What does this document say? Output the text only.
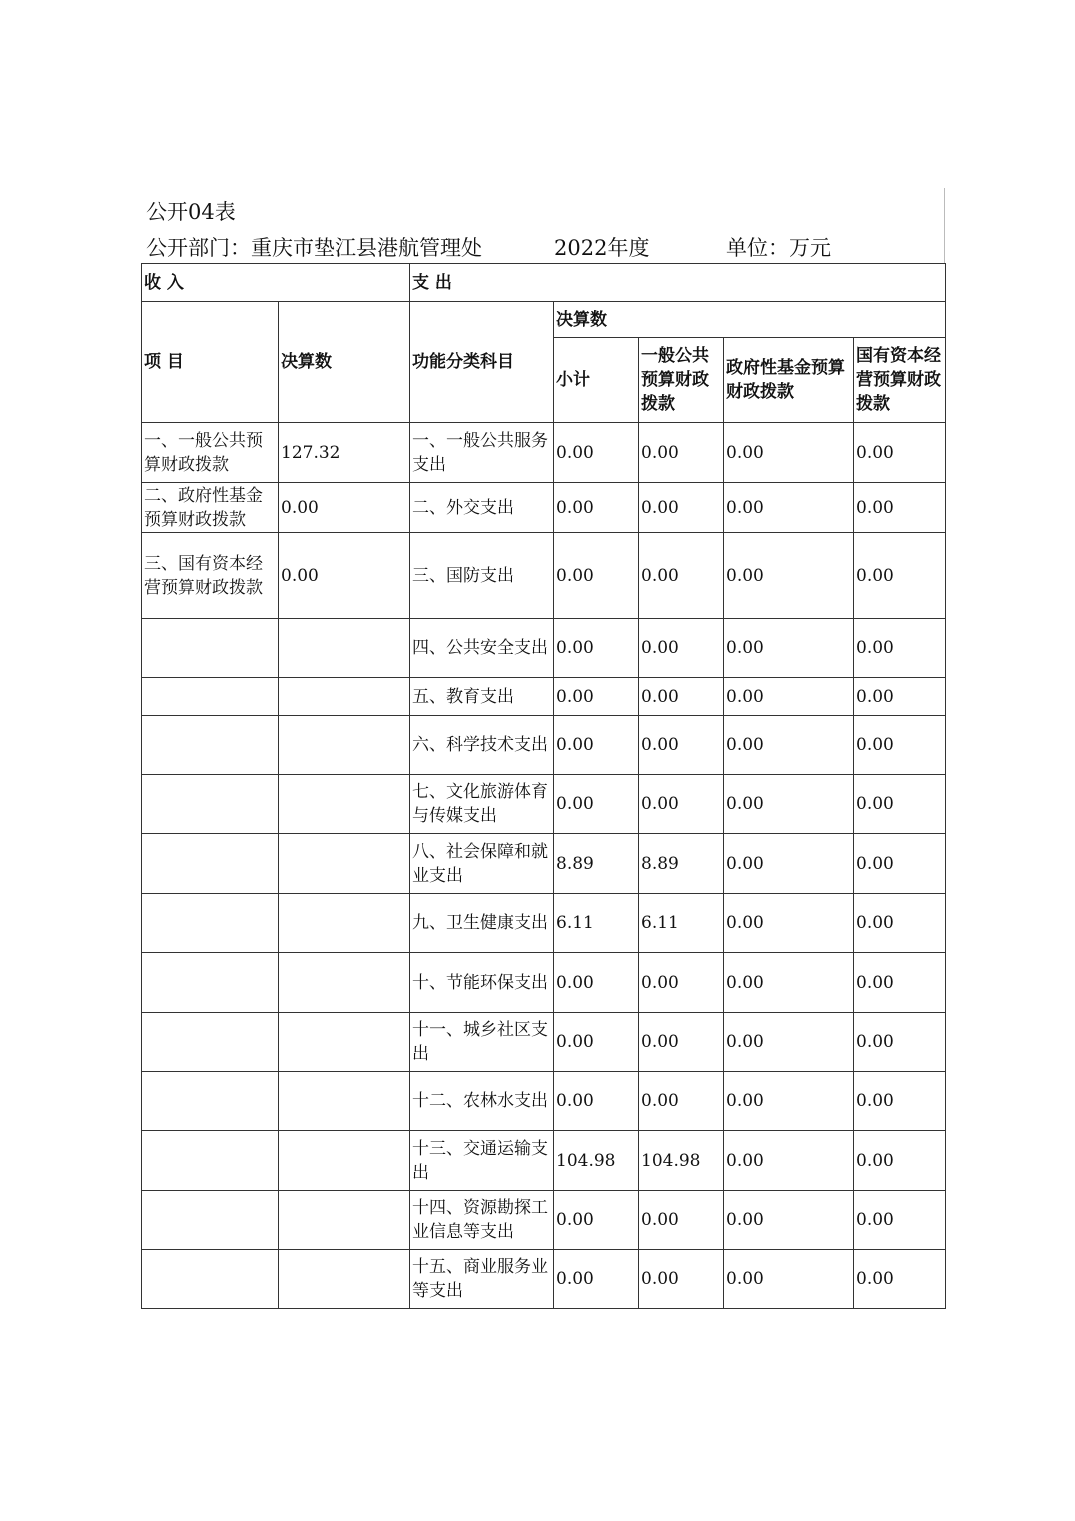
公开04表
公开部门：重庆市垫江县港航管理处	2022年度	单位：万元
收 入		支 出				
项 目	决算数	功能分类科目	决算数			
			小计	一般公共预算财政拨款	政府性基金预算财政拨款	国有资本经营预算财政拨款
一、一般公共预算财政拨款	127.32	一、一般公共服务支出	0.00	0.00	0.00	0.00
二、政府性基金预算财政拨款	0.00	二、外交支出	0.00	0.00	0.00	0.00
三、国有资本经营预算财政拨款	0.00	三、国防支出	0.00	0.00	0.00	0.00
		四、公共安全支出	0.00	0.00	0.00	0.00
		五、教育支出	0.00	0.00	0.00	0.00
		六、科学技术支出	0.00	0.00	0.00	0.00
		七、文化旅游体育与传媒支出	0.00	0.00	0.00	0.00
		八、社会保障和就业支出	8.89	8.89	0.00	0.00
		九、卫生健康支出	6.11	6.11	0.00	0.00
		十、节能环保支出	0.00	0.00	0.00	0.00
		十一、城乡社区支出	0.00	0.00	0.00	0.00
		十二、农林水支出	0.00	0.00	0.00	0.00
		十三、交通运输支出	104.98	104.98	0.00	0.00
		十四、资源勘探工业信息等支出	0.00	0.00	0.00	0.00
		十五、商业服务业等支出	0.00	0.00	0.00	0.00
